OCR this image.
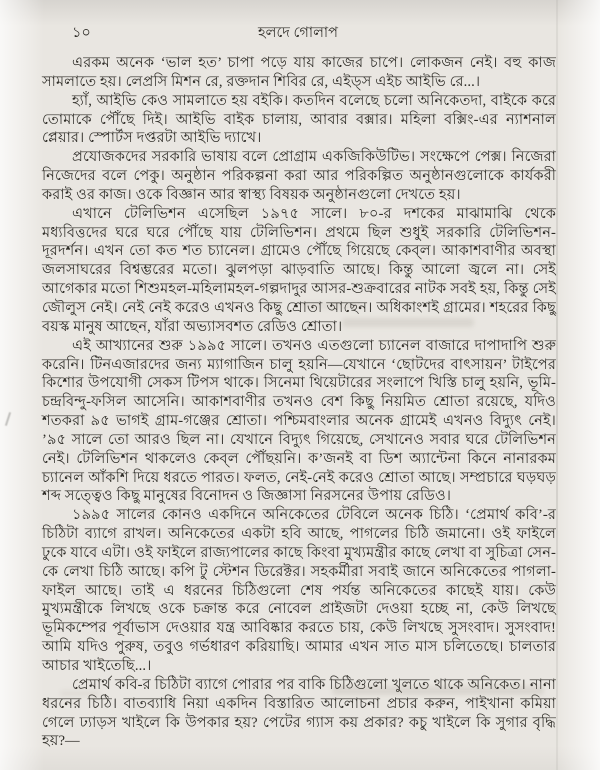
১০	হলদে গোলাপ

এরকম অনেক ‘ভাল হত’ চাপা পড়ে যায় কাজের চাপে। লোকজন নেই। বহু কাজ সামলাতে হয়। লেপ্রসি মিশন রে, রক্তদান শিবির রে, এইড্‌স এইচ আইভি রে...।

হ্যাঁ, আইভি কেও সামলাতে হয় বইকি। কতদিন বলেছে চলো অনিকেতদা, বাইকে করে তোমাকে পৌঁছে দিই। আইভি বাইক চালায়, আবার বক্সার। মহিলা বক্সিং-এর ন্যাশনাল প্লেয়ার। স্পোর্টস দপ্তরটা আইভি দ্যাখে।

প্রযোজকদের সরকারি ভাষায় বলে প্রোগ্রাম একজিকিউটিভ। সংক্ষেপে পেক্স। নিজেরা নিজেদের বলে পেকু। অনুষ্ঠান পরিকল্পনা করা আর পরিকল্পিত অনুষ্ঠানগুলোকে কার্যকরী করাই ওর কাজ। ওকে বিজ্ঞান আর স্বাস্থ্য বিষয়ক অনুষ্ঠানগুলো দেখতে হয়।

এখানে টেলিভিশন এসেছিল ১৯৭৫ সালে। ৮০-র দশকের মাঝামাঝি থেকে মধ্যবিত্তদের ঘরে ঘরে পৌঁছে যায় টেলিভিশন। প্রথমে ছিল শুধুই সরকারি টেলিভিশন-দূরদর্শন। এখন তো কত শত চ্যানেল। গ্রামেও পৌঁছে গিয়েছে কেব্‌ল। আকাশবাণীর অবস্থা জলসাঘরের বিশ্বম্ভরের মতো। ঝুলপড়া ঝাড়বাতি আছে। কিন্তু আলো জ্বলে না। সেই আগেকার মতো শিশুমহল-মহিলামহল-গল্পদাদুর আসর-শুক্রবারের নাটক সবই হয়, কিন্তু সেই জৌলুস নেই। নেই নেই করেও এখনও কিছু শ্রোতা আছেন। অধিকাংশই গ্রামের। শহরের কিছু বয়স্ক মানুষ আছেন, যাঁরা অভ্যাসবশত রেডিও শ্রোতা।

এই আখ্যানের শুরু ১৯৯৫ সালে। তখনও এতগুলো চ্যানেল বাজারে দাপাদাপি শুরু করেনি। টিনএজারদের জন্য ম্যাগাজিন চালু হয়নি—যেখানে ‘ছোটদের বাৎসায়ন’ টাইপের কিশোর উপযোগী সেকস টিপস থাকে। সিনেমা থিয়েটারের সংলাপে খিস্তি চালু হয়নি, ভূমি-চন্দ্রবিন্দু-ফসিল আসেনি। আকাশবাণীর তখনও বেশ কিছু নিয়মিত শ্রোতা রয়েছে, যদিও শতকরা ৯৫ ভাগই গ্রাম-গঞ্জের শ্রোতা। পশ্চিমবাংলার অনেক গ্রামেই এখনও বিদ্যুৎ নেই। ’৯৫ সালে তো আরও ছিল না। যেখানে বিদ্যুৎ গিয়েছে, সেখানেও সবার ঘরে টেলিভিশন নেই। টেলিভিশন থাকলেও কেব্‌ল পৌঁছয়নি। ক’জনই বা ডিশ অ্যান্টেনা কিনে নানারকম চ্যানেল আঁকশি দিয়ে ধরতে পারত। ফলত, নেই-নেই করেও শ্রোতা আছে। সম্প্রচারে ঘড়ঘড় শব্দ সত্ত্বেও কিছু মানুষের বিনোদন ও জিজ্ঞাসা নিরসনের উপায় রেডিও।

১৯৯৫ সালের কোনও একদিনে অনিকেতের টেবিলে অনেক চিঠি। ‘প্রেমার্থ কবি’-র চিঠিটা ব্যাগে রাখল। অনিকেতের একটা হবি আছে, পাগলের চিঠি জমানো। ওই ফাইলে ঢুকে যাবে এটা। ওই ফাইলে রাজ্যপালের কাছে কিংবা মুখ্যমন্ত্রীর কাছে লেখা বা সুচিত্রা সেন-কে লেখা চিঠি আছে। কপি টু স্টেশন ডিরেক্টর। সহকর্মীরা সবাই জানে অনিকেতের পাগলা-ফাইল আছে। তাই এ ধরনের চিঠিগুলো শেষ পর্যন্ত অনিকেতের কাছেই যায়। কেউ মুখ্যমন্ত্রীকে লিখছে ওকে চক্রান্ত করে নোবেল প্রাইজটা দেওয়া হচ্ছে না, কেউ লিখছে ভূমিকম্পের পূর্বাভাস দেওয়ার যন্ত্র আবিষ্কার করতে চায়, কেউ লিখছে সুসংবাদ। সুসংবাদ! আমি যদিও পুরুষ, তবুও গর্ভধারণ করিয়াছি। আমার এখন সাত মাস চলিতেছে। চালতার আচার খাইতেছি...।

প্রেমার্থ কবি-র চিঠিটা ব্যাগে পোরার পর বাকি চিঠিগুলো খুলতে থাকে অনিকেত। নানা ধরনের চিঠি। বাতব্যাধি নিয়া একদিন বিস্তারিত আলোচনা প্রচার করুন, পাইখানা কমিয়া গেলে ঢ্যাড়স খাইলে কি উপকার হয়? পেটের গ্যাস কয় প্রকার? কচু খাইলে কি সুগার বৃদ্ধি হয়?—
